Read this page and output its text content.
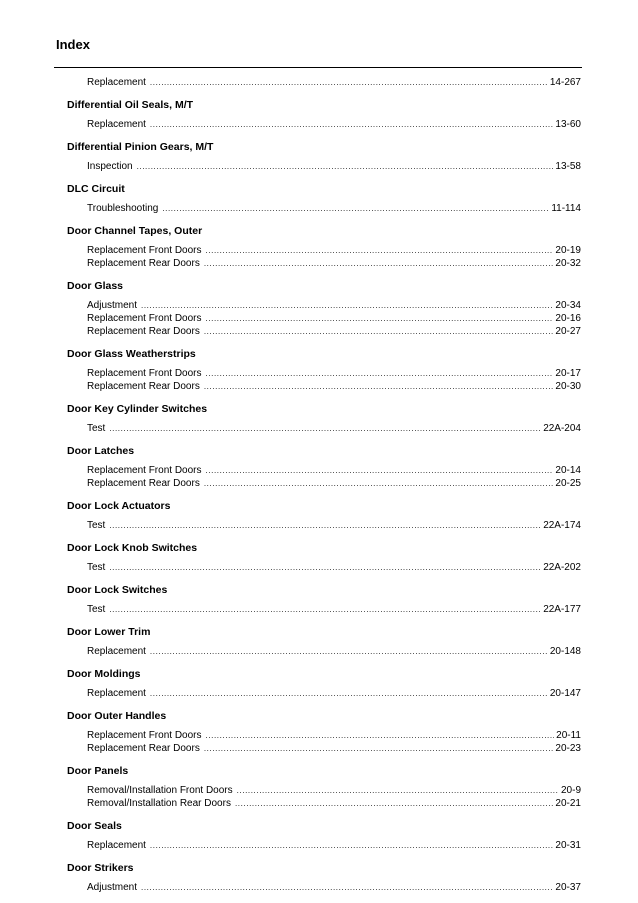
Index
Replacement .....	14-267
Differential Oil Seals, M/T
Replacement .....	13-60
Differential Pinion Gears, M/T
Inspection .....	13-58
DLC Circuit
Troubleshooting .....	11-114
Door Channel Tapes, Outer
Replacement Front Doors .....	20-19
Replacement Rear Doors .....	20-32
Door Glass
Adjustment .....	20-34
Replacement Front Doors .....	20-16
Replacement Rear Doors .....	20-27
Door Glass Weatherstrips
Replacement Front Doors .....	20-17
Replacement Rear Doors .....	20-30
Door Key Cylinder Switches
Test .....	22A-204
Door Latches
Replacement Front Doors .....	20-14
Replacement Rear Doors .....	20-25
Door Lock Actuators
Test .....	22A-174
Door Lock Knob Switches
Test .....	22A-202
Door Lock Switches
Test .....	22A-177
Door Lower Trim
Replacement .....	20-148
Door Moldings
Replacement .....	20-147
Door Outer Handles
Replacement Front Doors .....	20-11
Replacement Rear Doors .....	20-23
Door Panels
Removal/Installation Front Doors .....	20-9
Removal/Installation Rear Doors .....	20-21
Door Seals
Replacement .....	20-31
Door Strikers
Adjustment .....	20-37
